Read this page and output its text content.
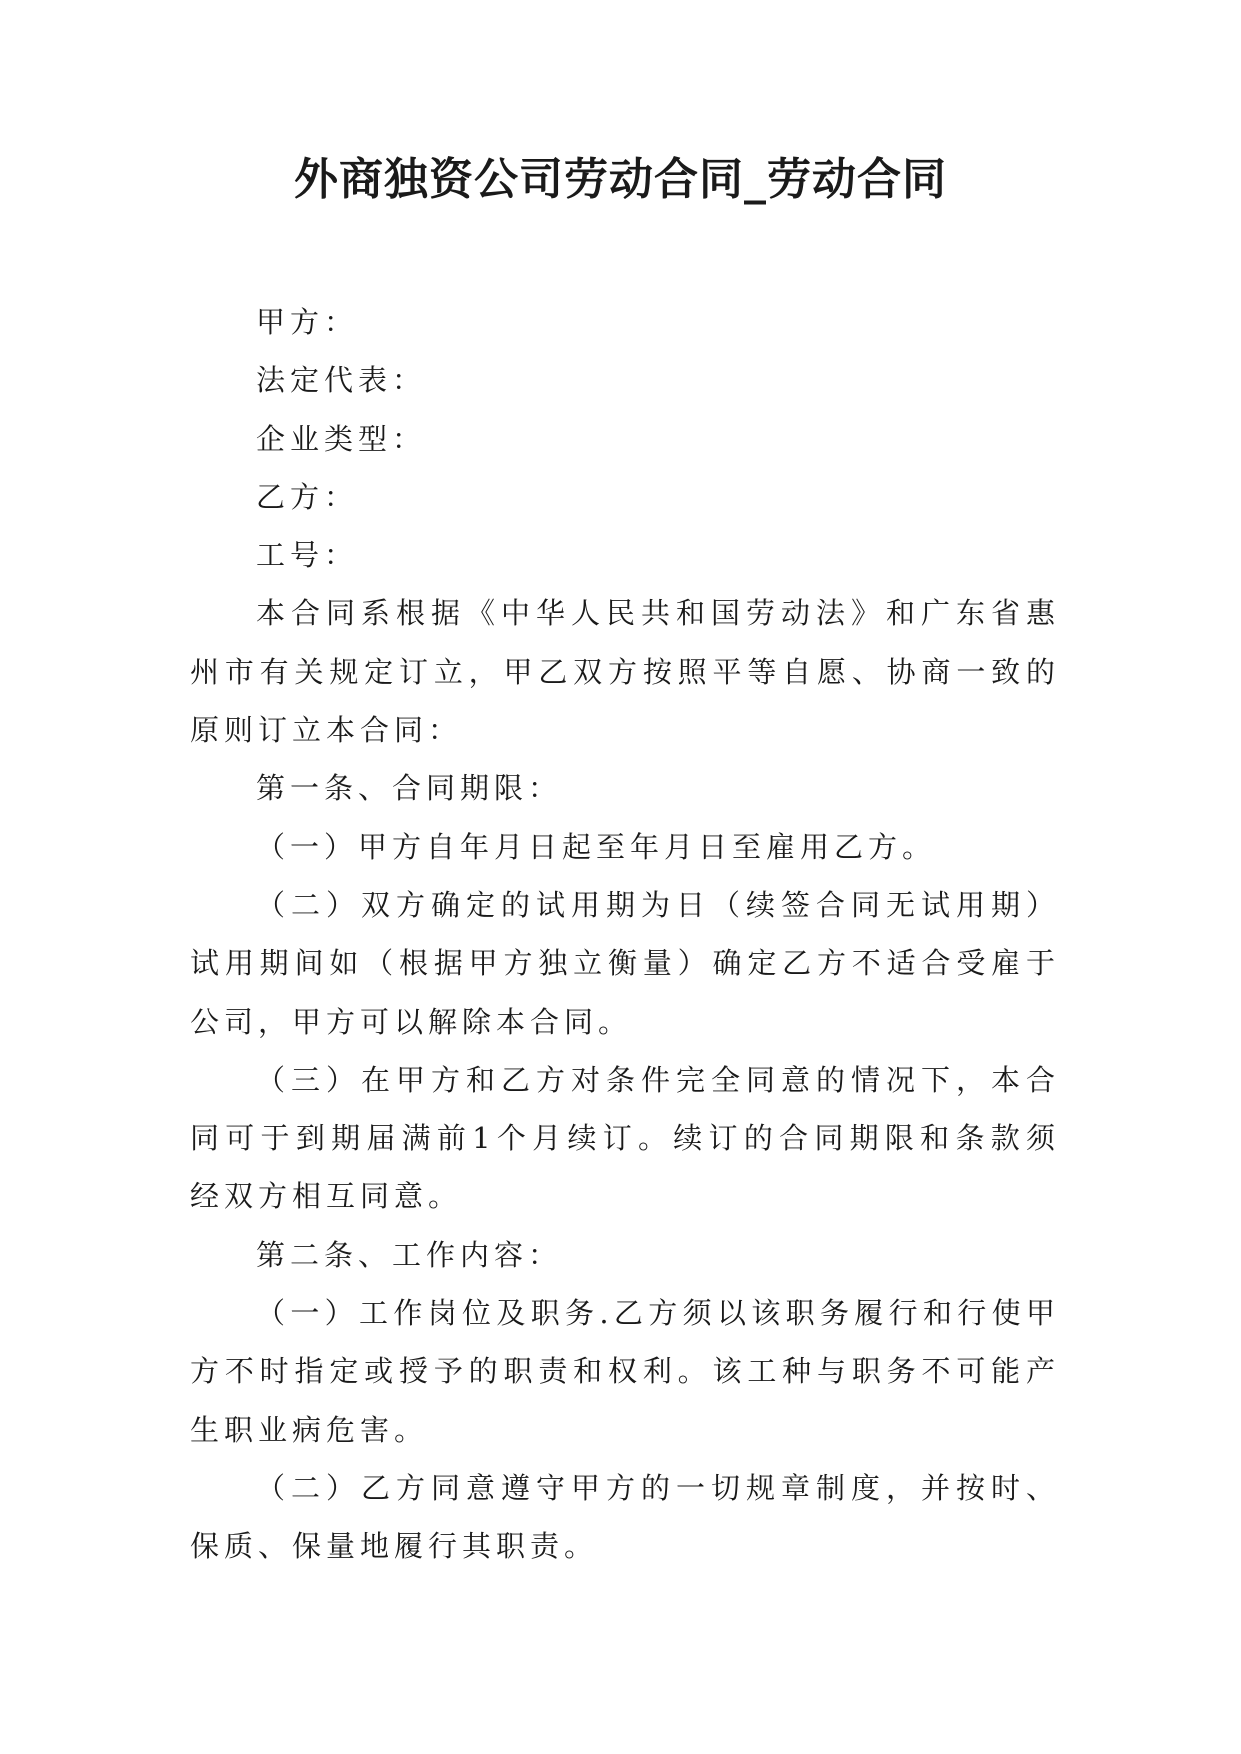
外商独资公司劳动合同_劳动合同

甲方：

法定代表：

企业类型：

乙方：

工号：

本合同系根据《中华人民共和国劳动法》和广东省惠州市有关规定订立，甲乙双方按照平等自愿、协商一致的原则订立本合同：

第一条、合同期限：

（一）甲方自年月日起至年月日至雇用乙方。

（二）双方确定的试用期为日（续签合同无试用期）试用期间如（根据甲方独立衡量）确定乙方不适合受雇于公司，甲方可以解除本合同。

（三）在甲方和乙方对条件完全同意的情况下，本合同可于到期届满前1个月续订。续订的合同期限和条款须经双方相互同意。

第二条、工作内容：

（一）工作岗位及职务.乙方须以该职务履行和行使甲方不时指定或授予的职责和权利。该工种与职务不可能产生职业病危害。

（二）乙方同意遵守甲方的一切规章制度，并按时、保质、保量地履行其职责。
